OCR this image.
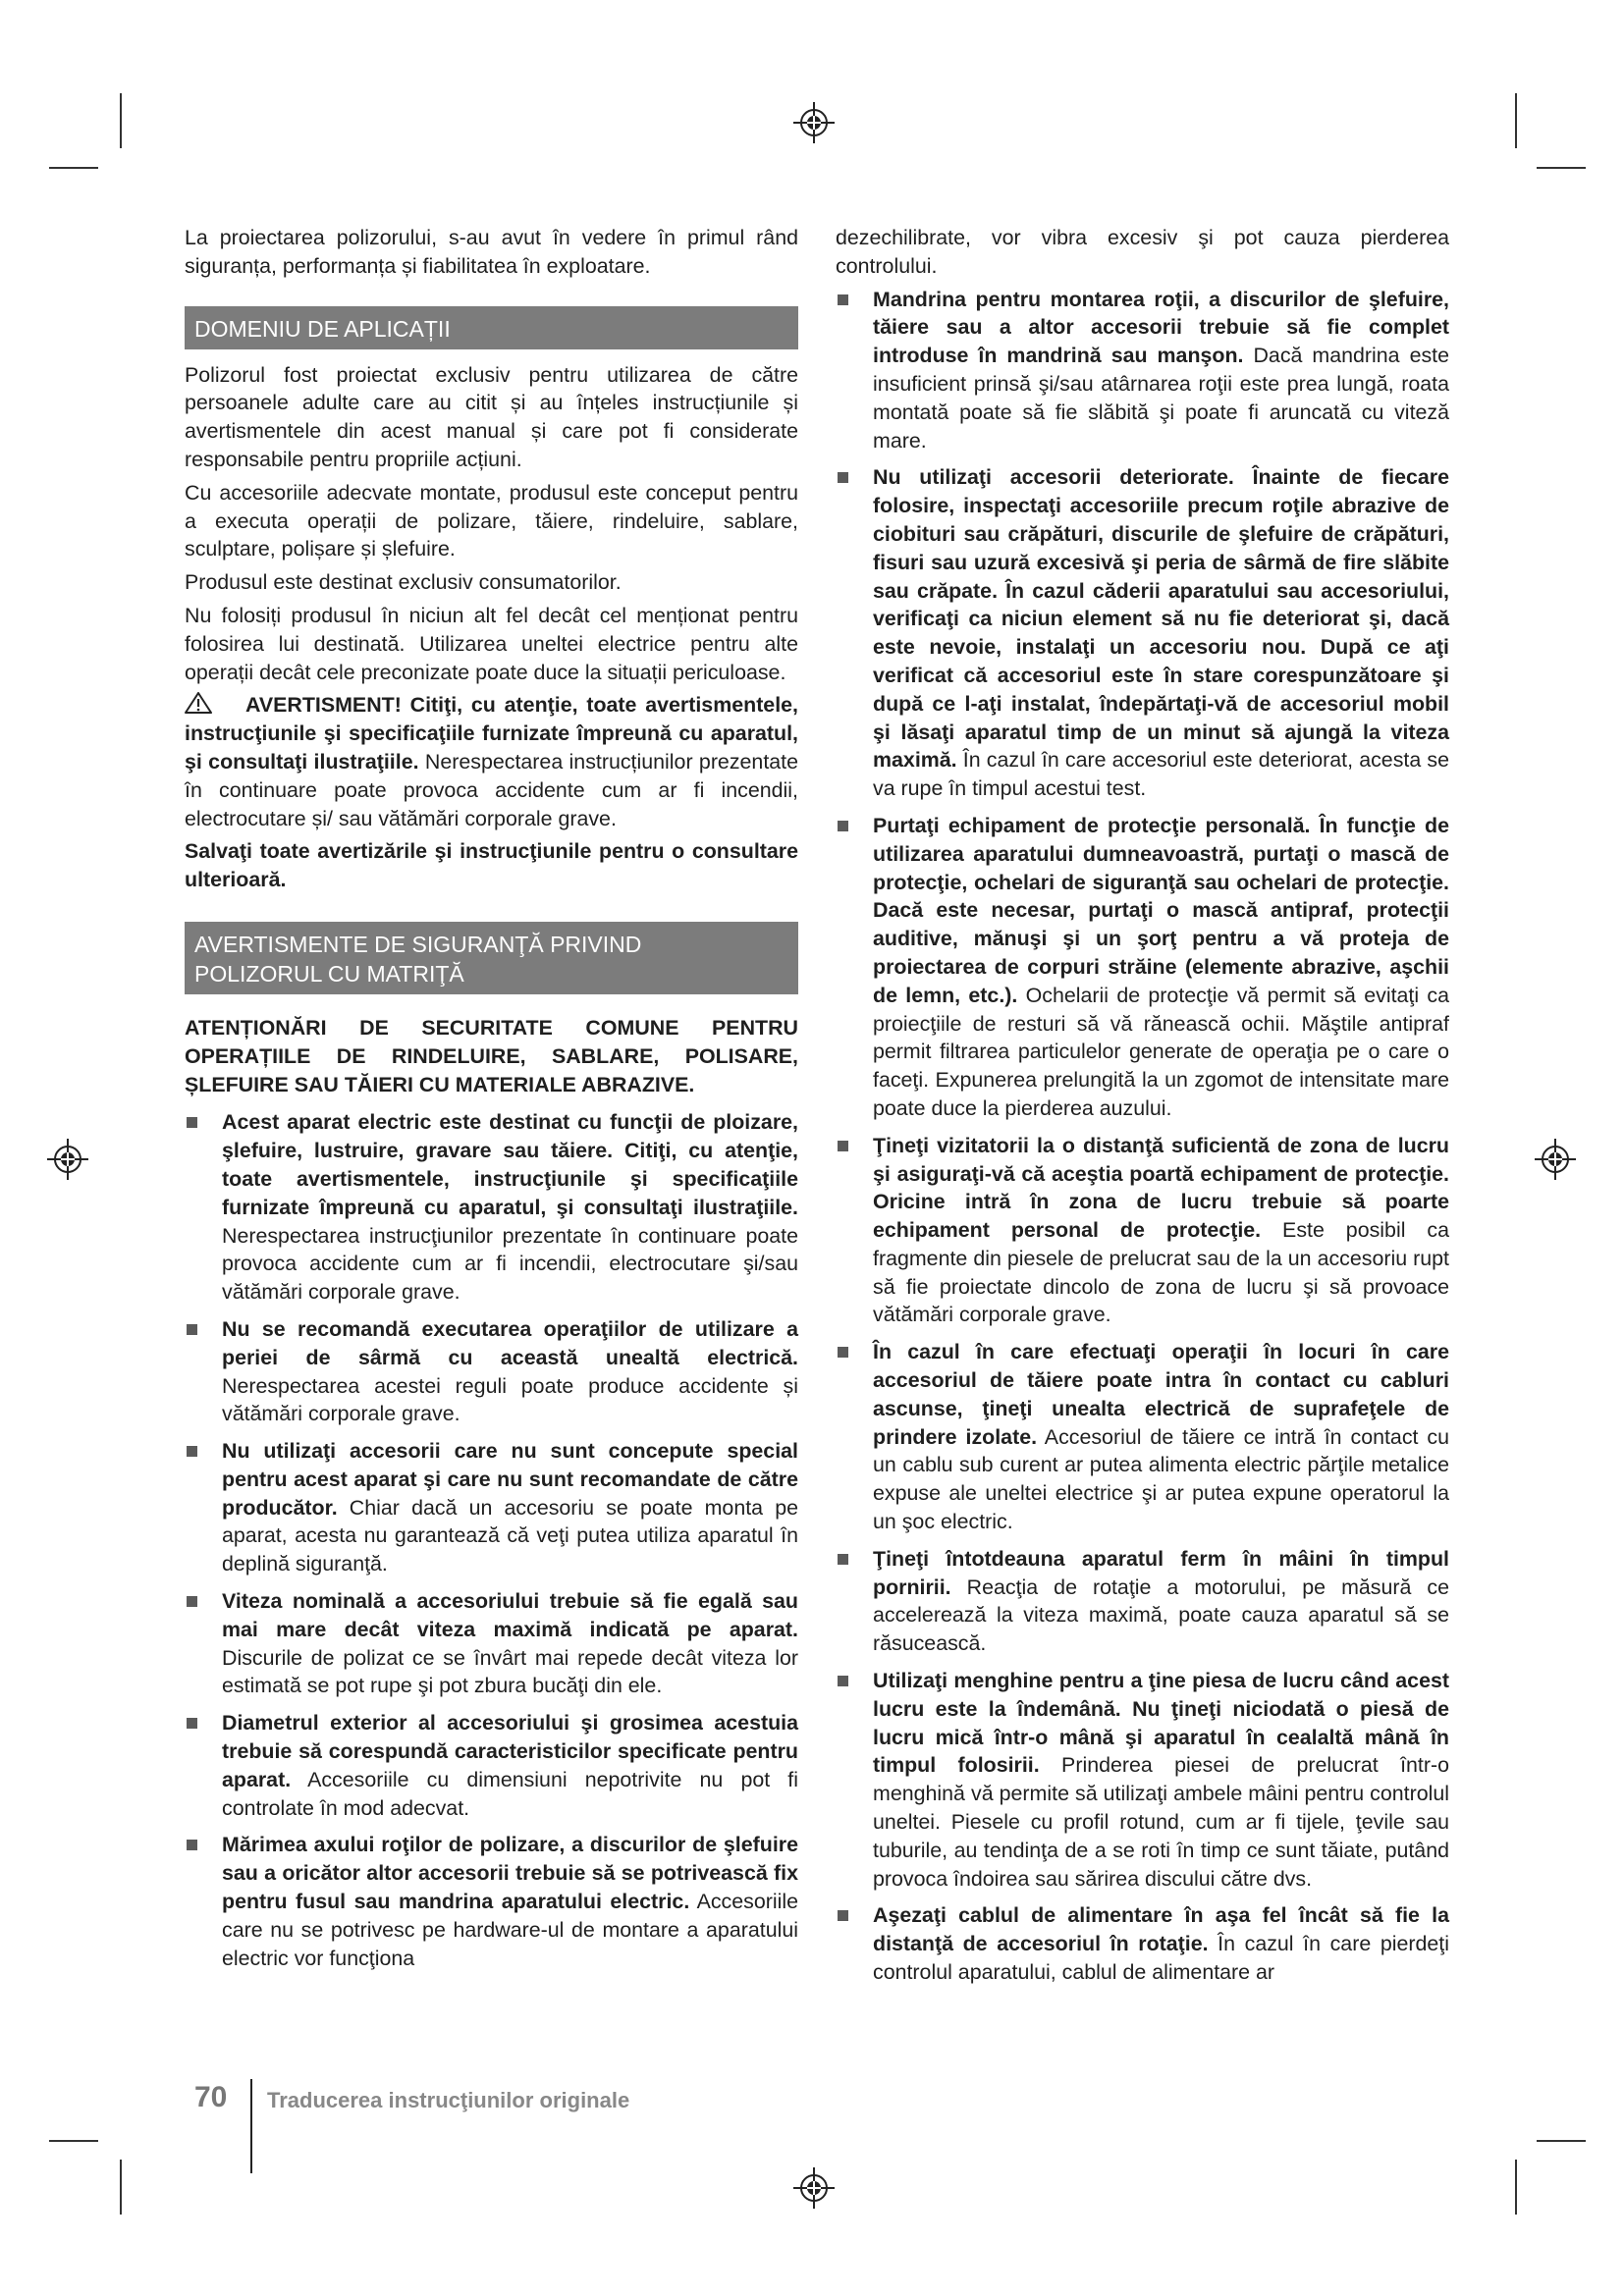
La proiectarea polizorului, s-au avut în vedere în primul rând siguranța, performanța și fiabilitatea în exploatare.

DOMENIU DE APLICAȚII

Polizorul fost proiectat exclusiv pentru utilizarea de către persoanele adulte care au citit și au înțeles instrucțiunile și avertismentele din acest manual și care pot fi considerate responsabile pentru propriile acțiuni.

Cu accesoriile adecvate montate, produsul este conceput pentru a executa operații de polizare, tăiere, rindeluire, sablare, sculptare, polișare și șlefuire.

Produsul este destinat exclusiv consumatorilor.

Nu folosiți produsul în niciun alt fel decât cel menționat pentru folosirea lui destinată. Utilizarea uneltei electrice pentru alte operații decât cele preconizate poate duce la situații periculoase.

AVERTISMENT! Citiţi, cu atenţie, toate avertismentele, instrucţiunile şi specificaţiile furnizate împreună cu aparatul, şi consultaţi ilustraţiile. Nerespectarea instrucțiunilor prezentate în continuare poate provoca accidente cum ar fi incendii, electrocutare și/ sau vătămări corporale grave.

Salvaţi toate avertizările şi instrucţiunile pentru o consultare ulterioară.

AVERTISMENTE DE SIGURANŢĂ PRIVIND
POLIZORUL CU MATRIŢĂ
ATENȚIONĂRI DE SECURITATE COMUNE PENTRU OPERAȚIILE DE RINDELUIRE, SABLARE, POLISARE, ȘLEFUIRE SAU TĂIERI CU MATERIALE ABRAZIVE.
Acest aparat electric este destinat cu funcţii de ploizare, şlefuire, lustruire, gravare sau tăiere. Citiţi, cu atenţie, toate avertismentele, instrucţiunile şi specificaţiile furnizate împreună cu aparatul, şi consultaţi ilustraţiile. Nerespectarea instrucţiunilor prezentate în continuare poate provoca accidente cum ar fi incendii, electrocutare şi/sau vătămări corporale grave.
Nu se recomandă executarea operaţiilor de utilizare a periei de sârmă cu această unealtă electrică. Nerespectarea acestei reguli poate produce accidente și vătămări corporale grave.
Nu utilizaţi accesorii care nu sunt concepute special pentru acest aparat şi care nu sunt recomandate de către producător. Chiar dacă un accesoriu se poate monta pe aparat, acesta nu garantează că veţi putea utiliza aparatul în deplină siguranţă.
Viteza nominală a accesoriului trebuie să fie egală sau mai mare decât viteza maximă indicată pe aparat. Discurile de polizat ce se învârt mai repede decât viteza lor estimată se pot rupe şi pot zbura bucăţi din ele.
Diametrul exterior al accesoriului şi grosimea acestuia trebuie să corespundă caracteristicilor specificate pentru aparat. Accesoriile cu dimensiuni nepotrivite nu pot fi controlate în mod adecvat.
Mărimea axului roţilor de polizare, a discurilor de şlefuire sau a oricător altor accesorii trebuie să se potrivească fix pentru fusul sau mandrina aparatului electric. Accesoriile care nu se potrivesc pe hardware-ul de montare a aparatului electric vor funcţiona

dezechilibrate, vor vibra excesiv şi pot cauza pierderea controlului.

Mandrina pentru montarea roţii, a discurilor de şlefuire, tăiere sau a altor accesorii trebuie să fie complet introduse în mandrină sau manşon. Dacă mandrina este insuficient prinsă şi/sau atârnarea roţii este prea lungă, roata montată poate să fie slăbită şi poate fi aruncată cu viteză mare.
Nu utilizaţi accesorii deteriorate. Înainte de fiecare folosire, inspectaţi accesoriile precum roţile abrazive de ciobituri sau crăpături, discurile de şlefuire de crăpături, fisuri sau uzură excesivă şi peria de sârmă de fire slăbite sau crăpate. În cazul căderii aparatului sau accesoriului, verificaţi ca niciun element să nu fie deteriorat şi, dacă este nevoie, instalaţi un accesoriu nou. După ce aţi verificat că accesoriul este în stare corespunzătoare şi după ce l-aţi instalat, îndepărtaţi-vă de accesoriul mobil şi lăsaţi aparatul timp de un minut să ajungă la viteza maximă. În cazul în care accesoriul este deteriorat, acesta se va rupe în timpul acestui test.
Purtaţi echipament de protecţie personală. În funcţie de utilizarea aparatului dumneavoastră, purtaţi o mască de protecţie, ochelari de siguranţă sau ochelari de protecţie. Dacă este necesar, purtaţi o mască antipraf, protecţii auditive, mănuşi şi un şorţ pentru a vă proteja de proiectarea de corpuri străine (elemente abrazive, aşchii de lemn, etc.). Ochelarii de protecţie vă permit să evitaţi ca proiecţiile de resturi să vă rănească ochii. Măştile antipraf permit filtrarea particulelor generate de operaţia pe o care o faceţi. Expunerea prelungită la un zgomot de intensitate mare poate duce la pierderea auzului.
Ţineţi vizitatorii la o distanţă suficientă de zona de lucru şi asiguraţi-vă că aceştia poartă echipament de protecţie. Oricine intră în zona de lucru trebuie să poarte echipament personal de protecţie. Este posibil ca fragmente din piesele de prelucrat sau de la un accesoriu rupt să fie proiectate dincolo de zona de lucru şi să provoace vătămări corporale grave.
În cazul în care efectuaţi operaţii în locuri în care accesoriul de tăiere poate intra în contact cu cabluri ascunse, ţineţi unealta electrică de suprafeţele de prindere izolate. Accesoriul de tăiere ce intră în contact cu un cablu sub curent ar putea alimenta electric părţile metalice expuse ale uneltei electrice şi ar putea expune operatorul la un şoc electric.
Ţineţi întotdeauna aparatul ferm în mâini în timpul pornirii. Reacţia de rotaţie a motorului, pe măsură ce accelerează la viteza maximă, poate cauza aparatul să se răsucească.
Utilizaţi menghine pentru a ţine piesa de lucru când acest lucru este la îndemână. Nu ţineţi niciodată o piesă de lucru mică într-o mână şi aparatul în cealaltă mână în timpul folosirii. Prinderea piesei de prelucrat într-o menghină vă permite să utilizaţi ambele mâini pentru controlul uneltei. Piesele cu profil rotund, cum ar fi tijele, ţevile sau tuburile, au tendinţa de a se roti în timp ce sunt tăiate, putând provoca îndoirea sau sărirea discului către dvs.
Aşezaţi cablul de alimentare în aşa fel încât să fie la distanţă de accesoriul în rotaţie. În cazul în care pierdeţi controlul aparatului, cablul de alimentare ar
70 Traducerea instrucţiunilor originale
